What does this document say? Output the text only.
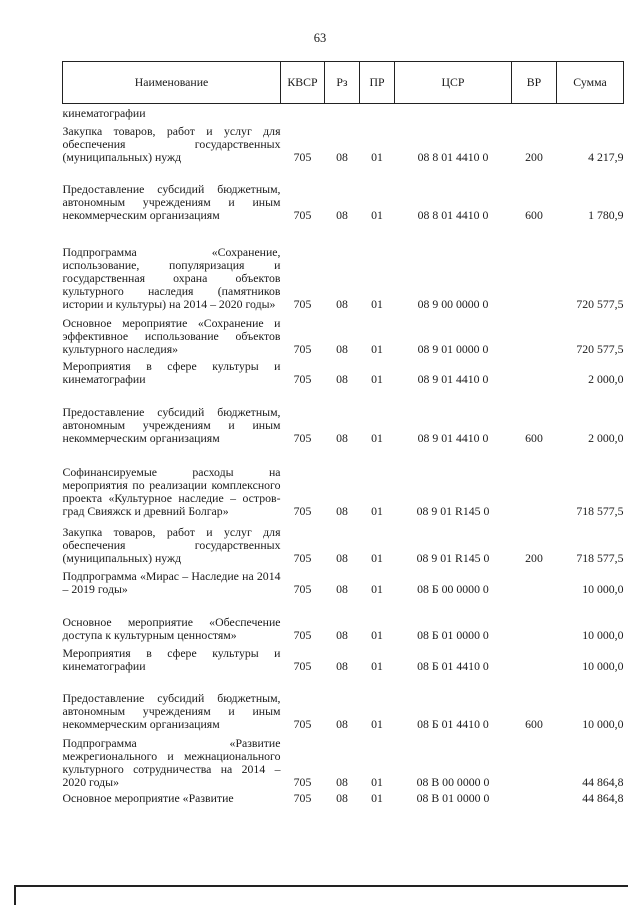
63
Наименование	КВСР	Рз	ПР	ЦСР	ВР	Сумма
кинематографии						
Закупка товаров, работ и услуг для обеспечения государственных (муниципальных) нужд	705	08	01	08 8 01 4410 0	200	4 217,9
Предоставление субсидий бюджетным, автономным учреждениям и иным некоммерческим организациям	705	08	01	08 8 01 4410 0	600	1 780,9
Подпрограмма «Сохранение, использование, популяризация и государственная охрана объектов культурного наследия (памятников истории и культуры) на 2014 – 2020 годы»	705	08	01	08 9 00 0000 0		720 577,5
Основное мероприятие «Сохранение и эффективное использование объектов культурного наследия»	705	08	01	08 9 01 0000 0		720 577,5
Мероприятия в сфере культуры и кинематографии	705	08	01	08 9 01 4410 0		2 000,0
Предоставление субсидий бюджетным, автономным учреждениям и иным некоммерческим организациям	705	08	01	08 9 01 4410 0	600	2 000,0
Софинансируемые расходы на мероприятия по реализации комплексного проекта «Культурное наследие – остров-град Свияжск и древний Болгар»	705	08	01	08 9 01 R145 0		718 577,5
Закупка товаров, работ и услуг для обеспечения государственных (муниципальных) нужд	705	08	01	08 9 01 R145 0	200	718 577,5
Подпрограмма «Мирас – Наследие на 2014 – 2019 годы»	705	08	01	08 Б 00 0000 0		10 000,0
Основное мероприятие «Обеспечение доступа к культурным ценностям»	705	08	01	08 Б 01 0000 0		10 000,0
Мероприятия в сфере культуры и кинематографии	705	08	01	08 Б 01 4410 0		10 000,0
Предоставление субсидий бюджетным, автономным учреждениям и иным некоммерческим организациям	705	08	01	08 Б 01 4410 0	600	10 000,0
Подпрограмма «Развитие межрегионального и межнационального культурного сотрудничества на 2014 – 2020 годы»	705	08	01	08 В 00 0000 0		44 864,8
Основное мероприятие «Развитие	705	08	01	08 В 01 0000 0		44 864,8
